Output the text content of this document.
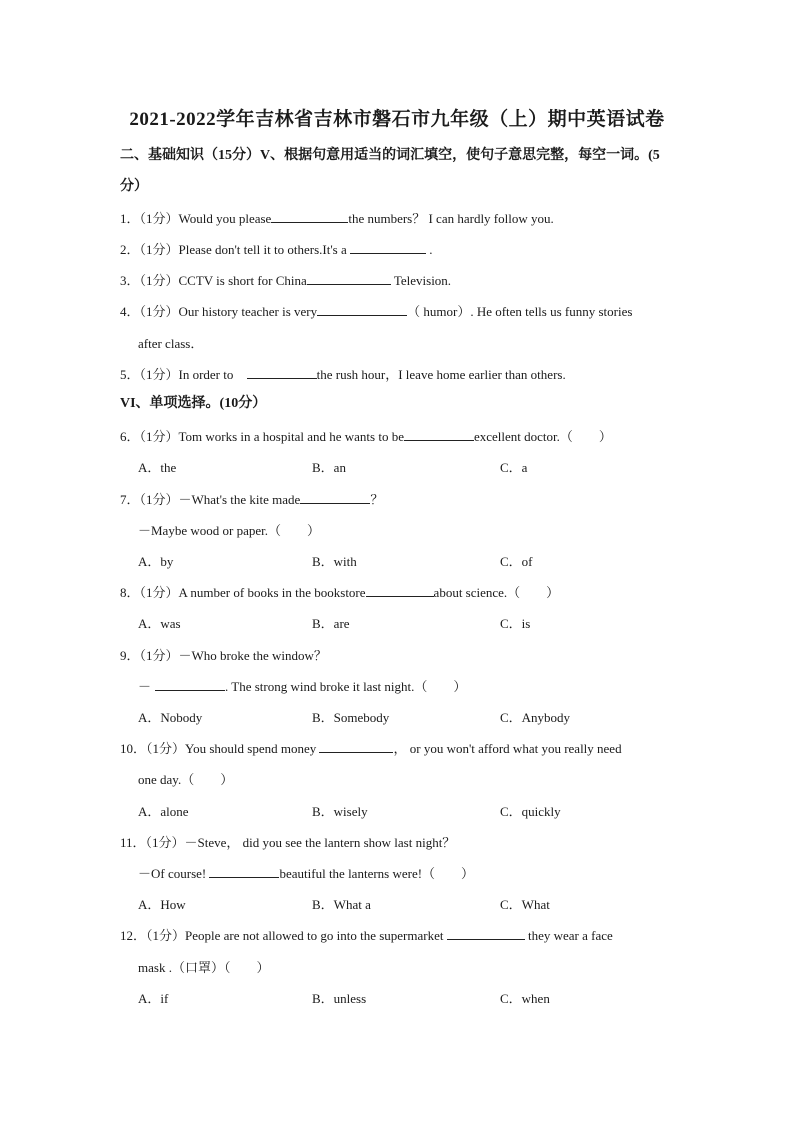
2021-2022学年吉林省吉林市磐石市九年级（上）期中英语试卷
二、基础知识（15分）V、根据句意用适当的词汇填空，使句子意思完整，每空一词。(5
分）
1．（1分）Would you please	the numbers？ I can hardly follow you.
2．（1分）Please don't tell it to others.It's a	.
3．（1分）CCTV is short for China	Television.
4．（1分）Our history teacher is very	（ humor）. He often tells us funny stories
after class．
5．（1分）In order to	the rush hour，I leave home earlier than others.
VI、单项选择。(10分）
6．（1分）Tom works in a hospital and he wants to be	excellent doctor.（　　）
A．the	B．an	C．a
7．（1分）－What's the kite made	？
－Maybe wood or paper.（　　）
A．by	B．with	C．of
8．（1分）A number of books in the bookstore	about science.（　　）
A．was	B．are	C．is
9．（1分）－Who broke the window？
－	. The strong wind broke it last night.（　　）
A．Nobody	B．Somebody	C．Anybody
10．（1分）You should spend money	， or you won't afford what you really need
one day.（　　）
A．alone	B．wisely	C．quickly
11．（1分）－Steve， did you see the lantern show last night？
－Of course!	beautiful the lanterns were!（　　）
A．How	B．What a	C．What
12．（1分）People are not allowed to go into the supermarket	they wear a face
mask .（口罩）（　　）
A．if	B．unless	C．when
